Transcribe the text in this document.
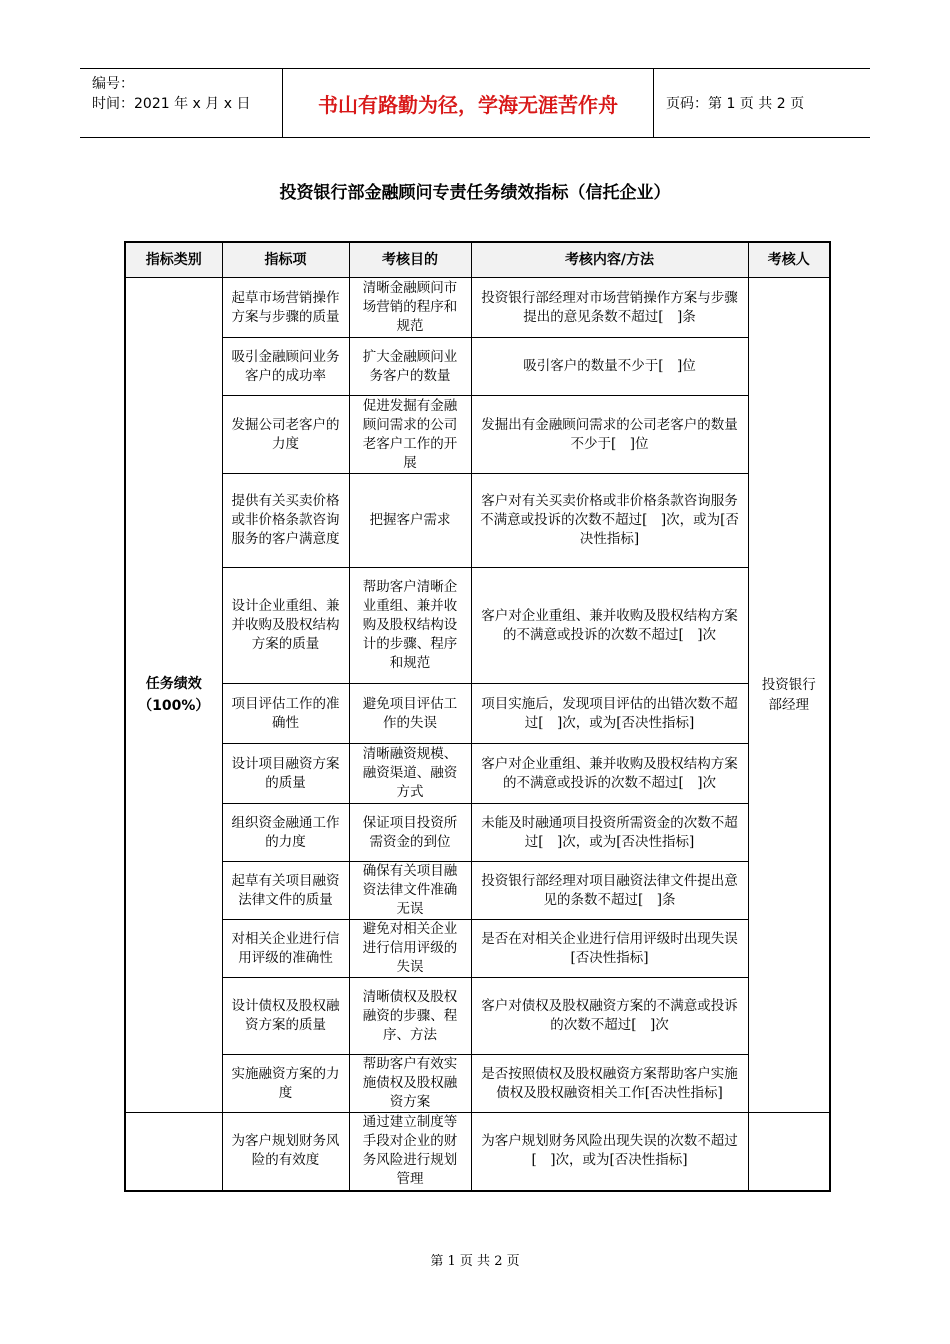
编号：
时间：2021 年 x 月 x 日	书山有路勤为径，学海无涯苦作舟	页码：第 1 页 共 2 页
投资银行部金融顾问专责任务绩效指标（信托企业）
指标类别	指标项	考核目的	考核内容/方法	考核人
任务绩效（100%）	起草市场营销操作方案与步骤的质量	清晰金融顾问市场营销的程序和规范	投资银行部经理对市场营销操作方案与步骤提出的意见条数不超过[　]条	投资银行部经理
	吸引金融顾问业务客户的成功率	扩大金融顾问业务客户的数量	吸引客户的数量不少于[　]位	
	发掘公司老客户的力度	促进发掘有金融顾问需求的公司老客户工作的开展	发掘出有金融顾问需求的公司老客户的数量不少于[　]位	
	提供有关买卖价格或非价格条款咨询服务的客户满意度	把握客户需求	客户对有关买卖价格或非价格条款咨询服务不满意或投诉的次数不超过[　]次，或为[否决性指标]	
	设计企业重组、兼并收购及股权结构方案的质量	帮助客户清晰企业重组、兼并收购及股权结构设计的步骤、程序和规范	客户对企业重组、兼并收购及股权结构方案的不满意或投诉的次数不超过[　]次	
	项目评估工作的准确性	避免项目评估工作的失误	项目实施后，发现项目评估的出错次数不超过[　]次，或为[否决性指标]	
	设计项目融资方案的质量	清晰融资规模、融资渠道、融资方式	客户对企业重组、兼并收购及股权结构方案的不满意或投诉的次数不超过[　]次	
	组织资金融通工作的力度	保证项目投资所需资金的到位	未能及时融通项目投资所需资金的次数不超过[　]次，或为[否决性指标]	
	起草有关项目融资法律文件的质量	确保有关项目融资法律文件准确无误	投资银行部经理对项目融资法律文件提出意见的条数不超过[　]条	
	对相关企业进行信用评级的准确性	避免对相关企业进行信用评级的失误	是否在对相关企业进行信用评级时出现失误[否决性指标]	
	设计债权及股权融资方案的质量	清晰债权及股权融资的步骤、程序、方法	客户对债权及股权融资方案的不满意或投诉的次数不超过[　]次	
	实施融资方案的力度	帮助客户有效实施债权及股权融资方案	是否按照债权及股权融资方案帮助客户实施债权及股权融资相关工作[否决性指标]	
	为客户规划财务风险的有效度	通过建立制度等手段对企业的财务风险进行规划管理	为客户规划财务风险出现失误的次数不超过[　]次，或为[否决性指标]	
第 1 页 共 2 页
